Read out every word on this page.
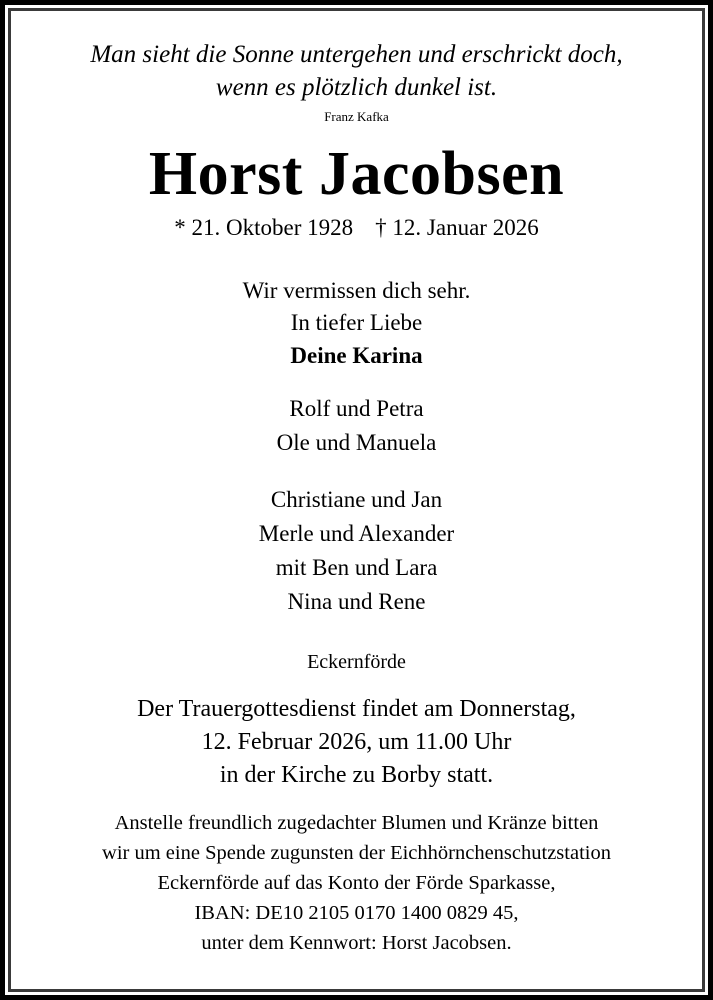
Man sieht die Sonne untergehen und erschrickt doch,
wenn es plötzlich dunkel ist.
Franz Kafka
Horst Jacobsen
* 21. Oktober 1928 † 12. Januar 2026
Wir vermissen dich sehr.
In tiefer Liebe
Deine Karina
Rolf und Petra
Ole und Manuela
Christiane und Jan
Merle und Alexander
mit Ben und Lara
Nina und Rene
Eckernförde
Der Trauergottesdienst findet am Donnerstag,
12. Februar 2026, um 11.00 Uhr
in der Kirche zu Borby statt.
Anstelle freundlich zugedachter Blumen und Kränze bitten
wir um eine Spende zugunsten der Eichhörnchenschutzstation
Eckernförde auf das Konto der Förde Sparkasse,
IBAN: DE10 2105 0170 1400 0829 45,
unter dem Kennwort: Horst Jacobsen.
